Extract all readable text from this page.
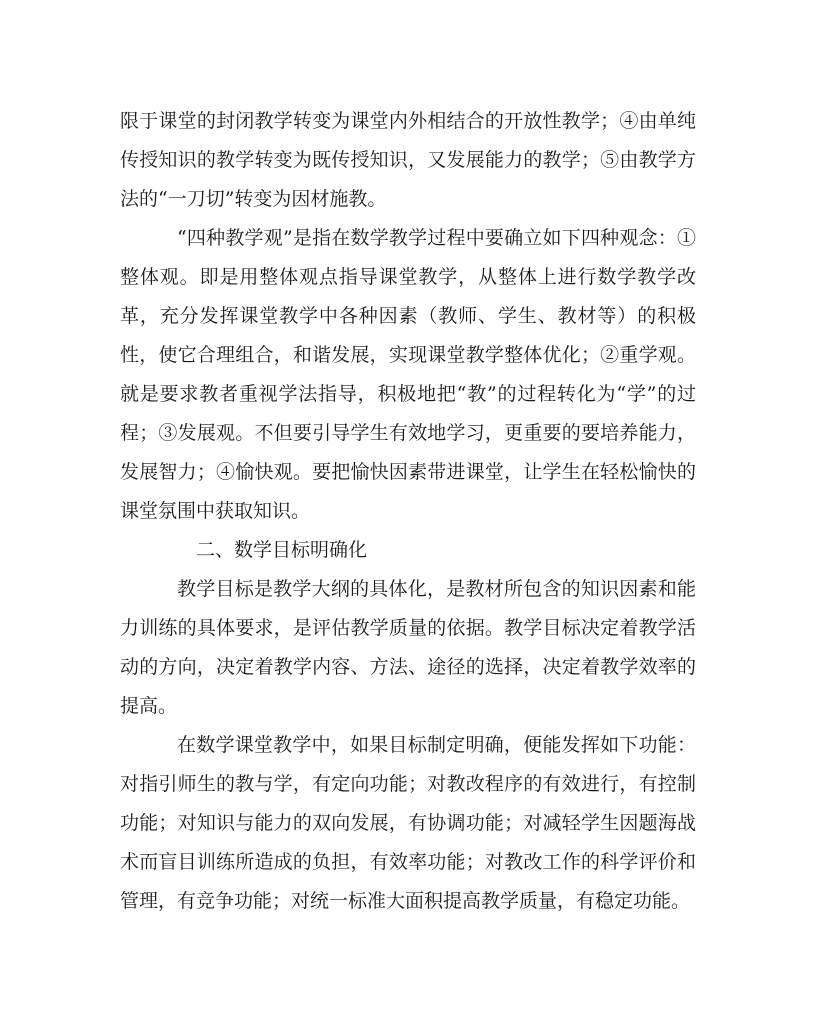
限于课堂的封闭教学转变为课堂内外相结合的开放性教学；④由单纯传授知识的教学转变为既传授知识，又发展能力的教学；⑤由教学方法的“一刀切”转变为因材施教。

“四种教学观”是指在数学教学过程中要确立如下四种观念：①整体观。即是用整体观点指导课堂教学，从整体上进行数学教学改革，充分发挥课堂教学中各种因素（教师、学生、教材等）的积极性，使它合理组合，和谐发展，实现课堂教学整体优化；②重学观。就是要求教者重视学法指导，积极地把“教”的过程转化为“学”的过程；③发展观。不但要引导学生有效地学习，更重要的要培养能力，发展智力；④愉快观。要把愉快因素带进课堂，让学生在轻松愉快的课堂氛围中获取知识。

二、数学目标明确化

教学目标是教学大纲的具体化，是教材所包含的知识因素和能力训练的具体要求，是评估教学质量的依据。教学目标决定着教学活动的方向，决定着教学内容、方法、途径的选择，决定着教学效率的提高。

在数学课堂教学中，如果目标制定明确，便能发挥如下功能：对指引师生的教与学，有定向功能；对教改程序的有效进行，有控制功能；对知识与能力的双向发展，有协调功能；对减轻学生因题海战术而盲目训练所造成的负担，有效率功能；对教改工作的科学评价和管理，有竞争功能；对统一标准大面积提高教学质量，有稳定功能。
